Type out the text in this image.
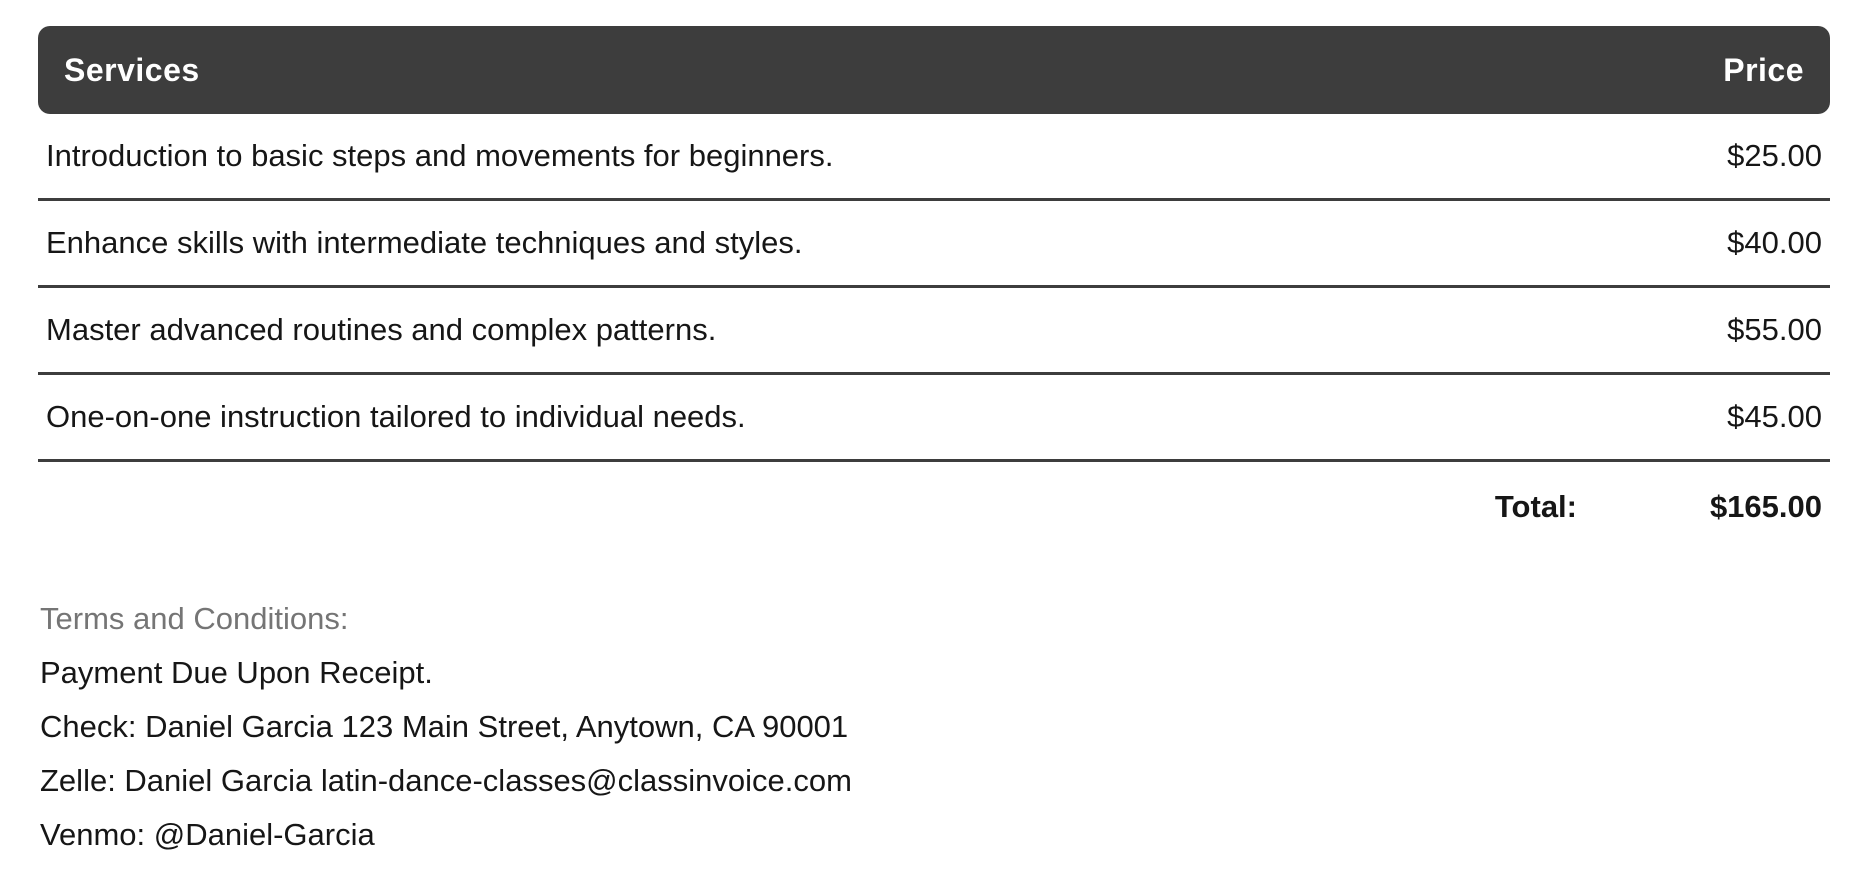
Services	Price
Introduction to basic steps and movements for beginners.	$25.00
Enhance skills with intermediate techniques and styles.	$40.00
Master advanced routines and complex patterns.	$55.00
One-on-one instruction tailored to individual needs.	$45.00
Total:	$165.00
Terms and Conditions:
Payment Due Upon Receipt.
Check: Daniel Garcia 123 Main Street, Anytown, CA 90001
Zelle: Daniel Garcia latin-dance-classes@classinvoice.com
Venmo: @Daniel-Garcia
